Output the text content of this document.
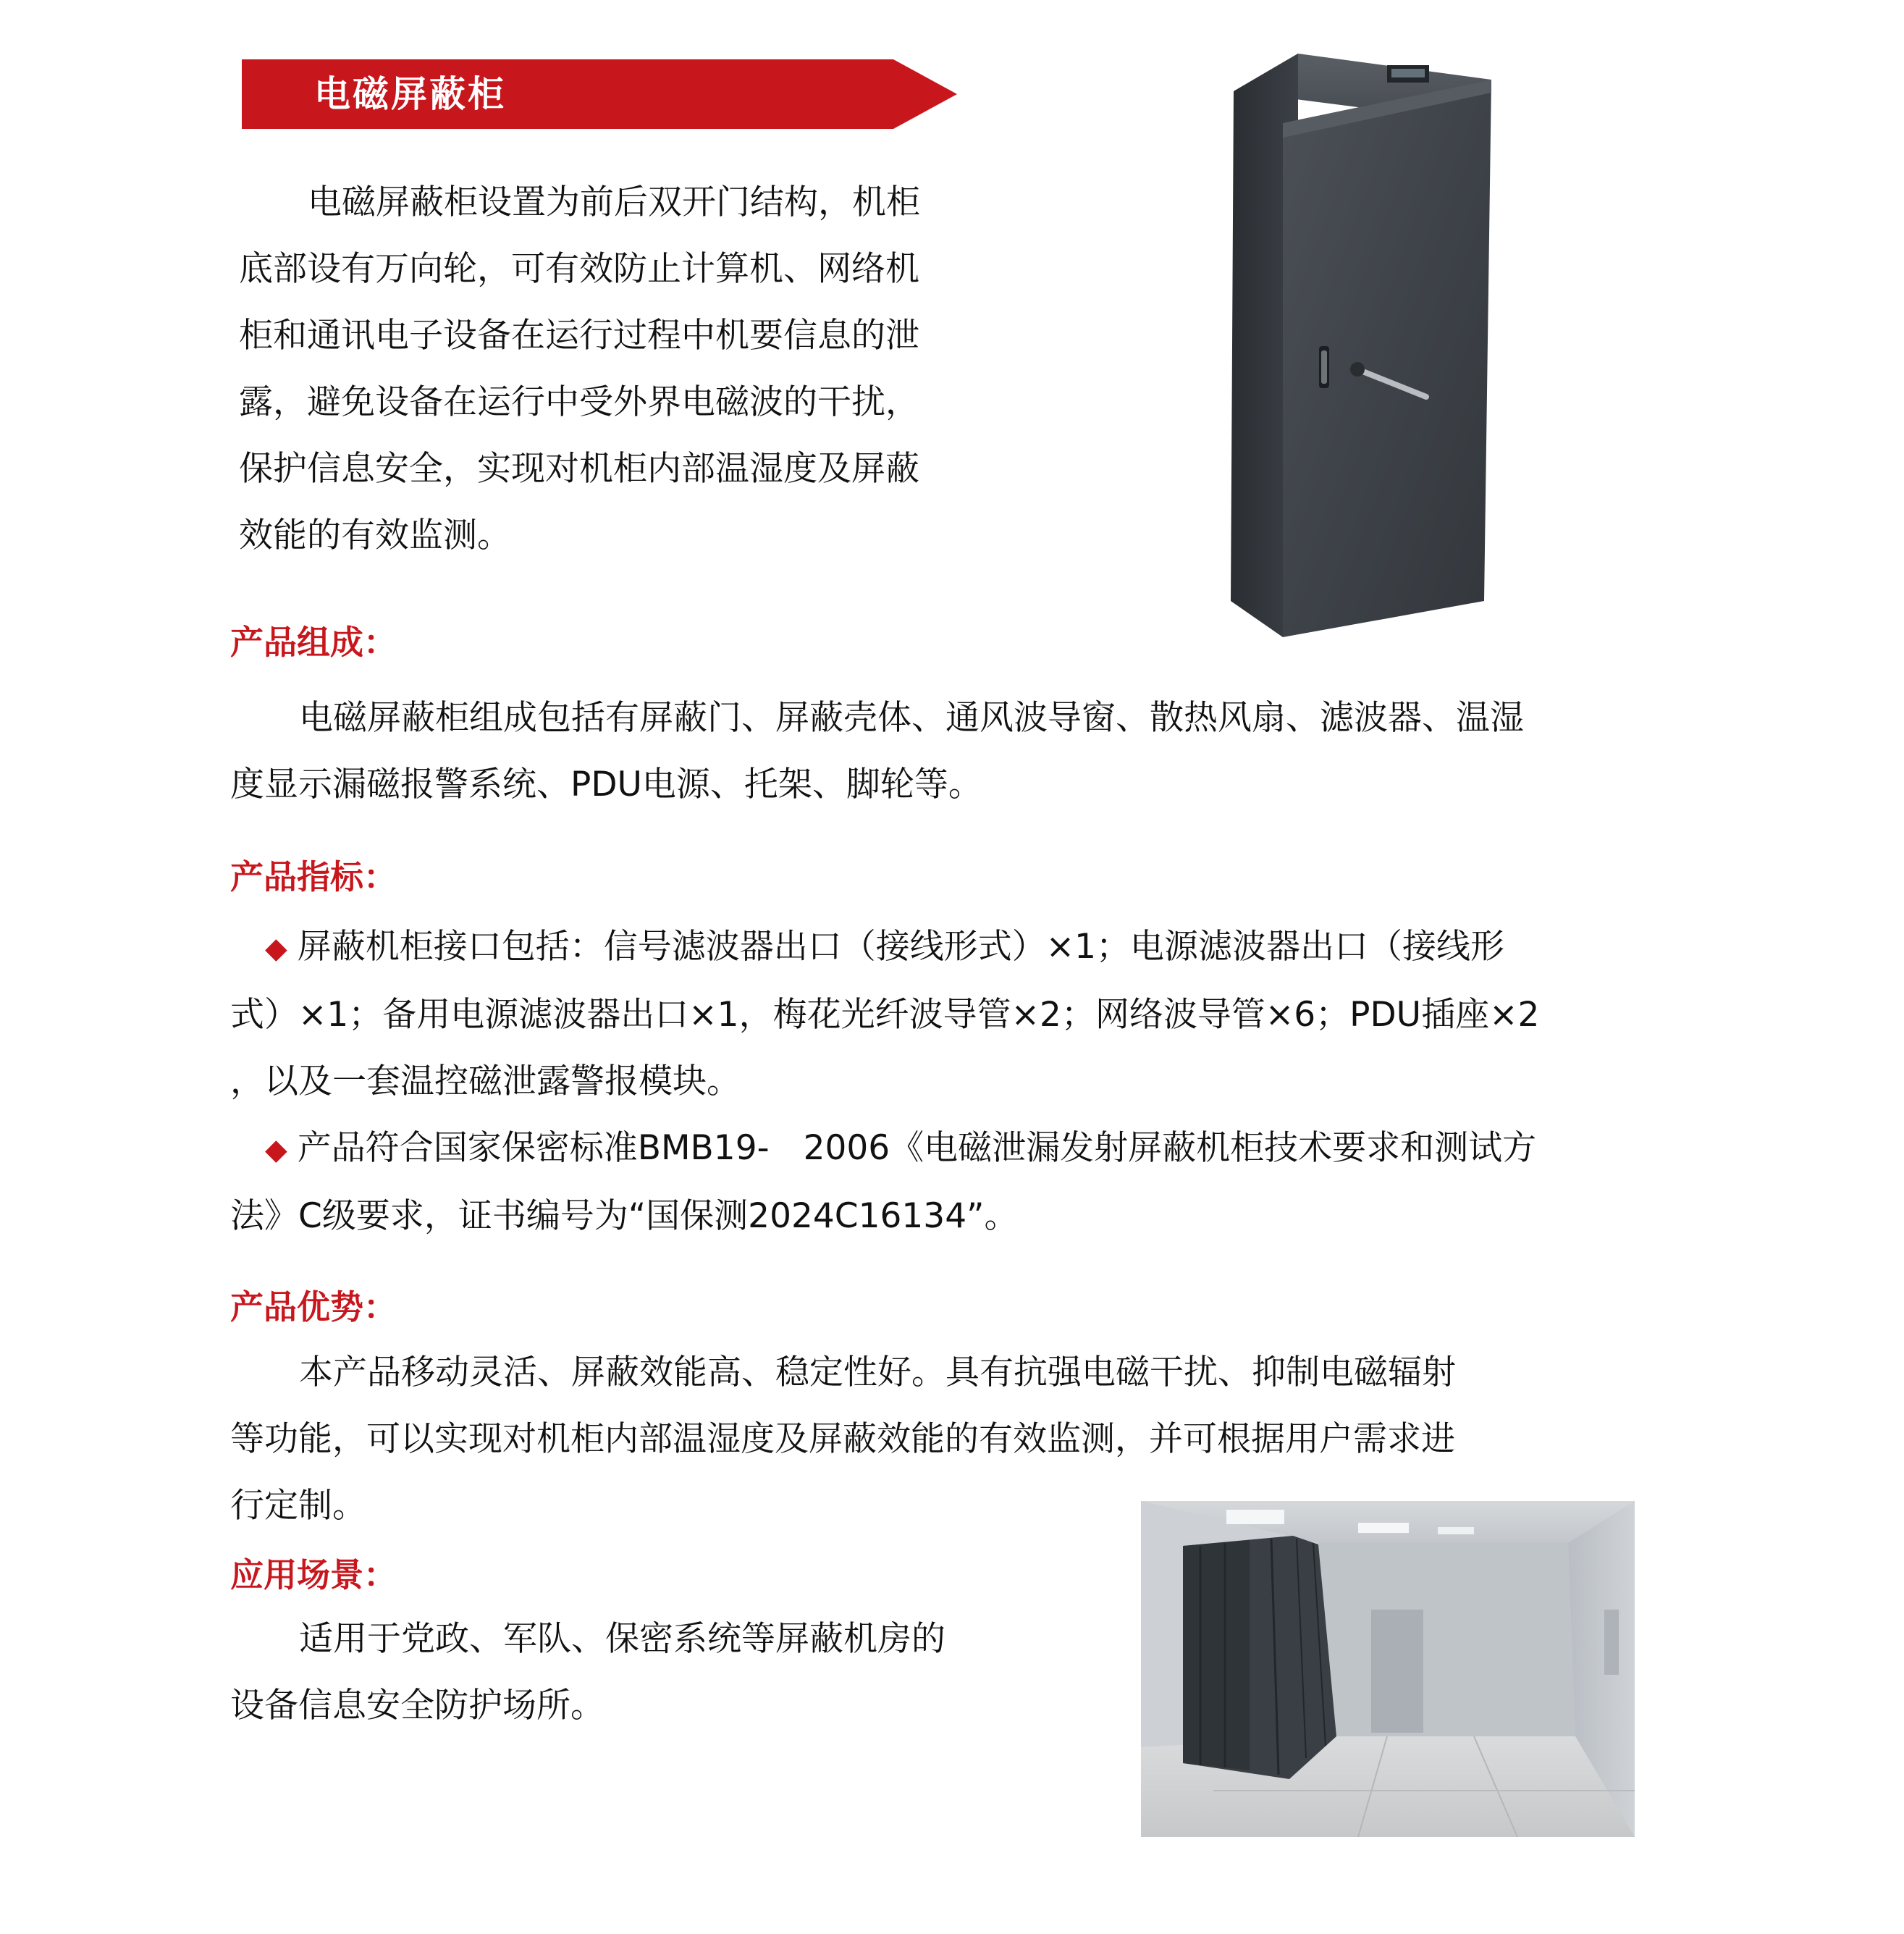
电磁屏蔽柜
电磁屏蔽柜设置为前后双开门结构，机柜
底部设有万向轮，可有效防止计算机、网络机
柜和通讯电子设备在运行过程中机要信息的泄
露，避免设备在运行中受外界电磁波的干扰，
保护信息安全，实现对机柜内部温湿度及屏蔽
效能的有效监测。
产品组成：
电磁屏蔽柜组成包括有屏蔽门、屏蔽壳体、通风波导窗、散热风扇、滤波器、温湿
度显示漏磁报警系统、PDU电源、托架、脚轮等。
产品指标：
◆ 屏蔽机柜接口包括：信号滤波器出口（接线形式）×1；电源滤波器出口（接线形
式）×1；备用电源滤波器出口×1，梅花光纤波导管×2；网络波导管×6；PDU插座×2
，以及一套温控磁泄露警报模块。
◆ 产品符合国家保密标准BMB19-　2006《电磁泄漏发射屏蔽机柜技术要求和测试方
法》C级要求，证书编号为“国保测2024C16134”。
产品优势：
本产品移动灵活、屏蔽效能高、稳定性好。具有抗强电磁干扰、抑制电磁辐射
等功能，可以实现对机柜内部温湿度及屏蔽效能的有效监测，并可根据用户需求进
行定制。
应用场景：
适用于党政、军队、保密系统等屏蔽机房的
设备信息安全防护场所。
